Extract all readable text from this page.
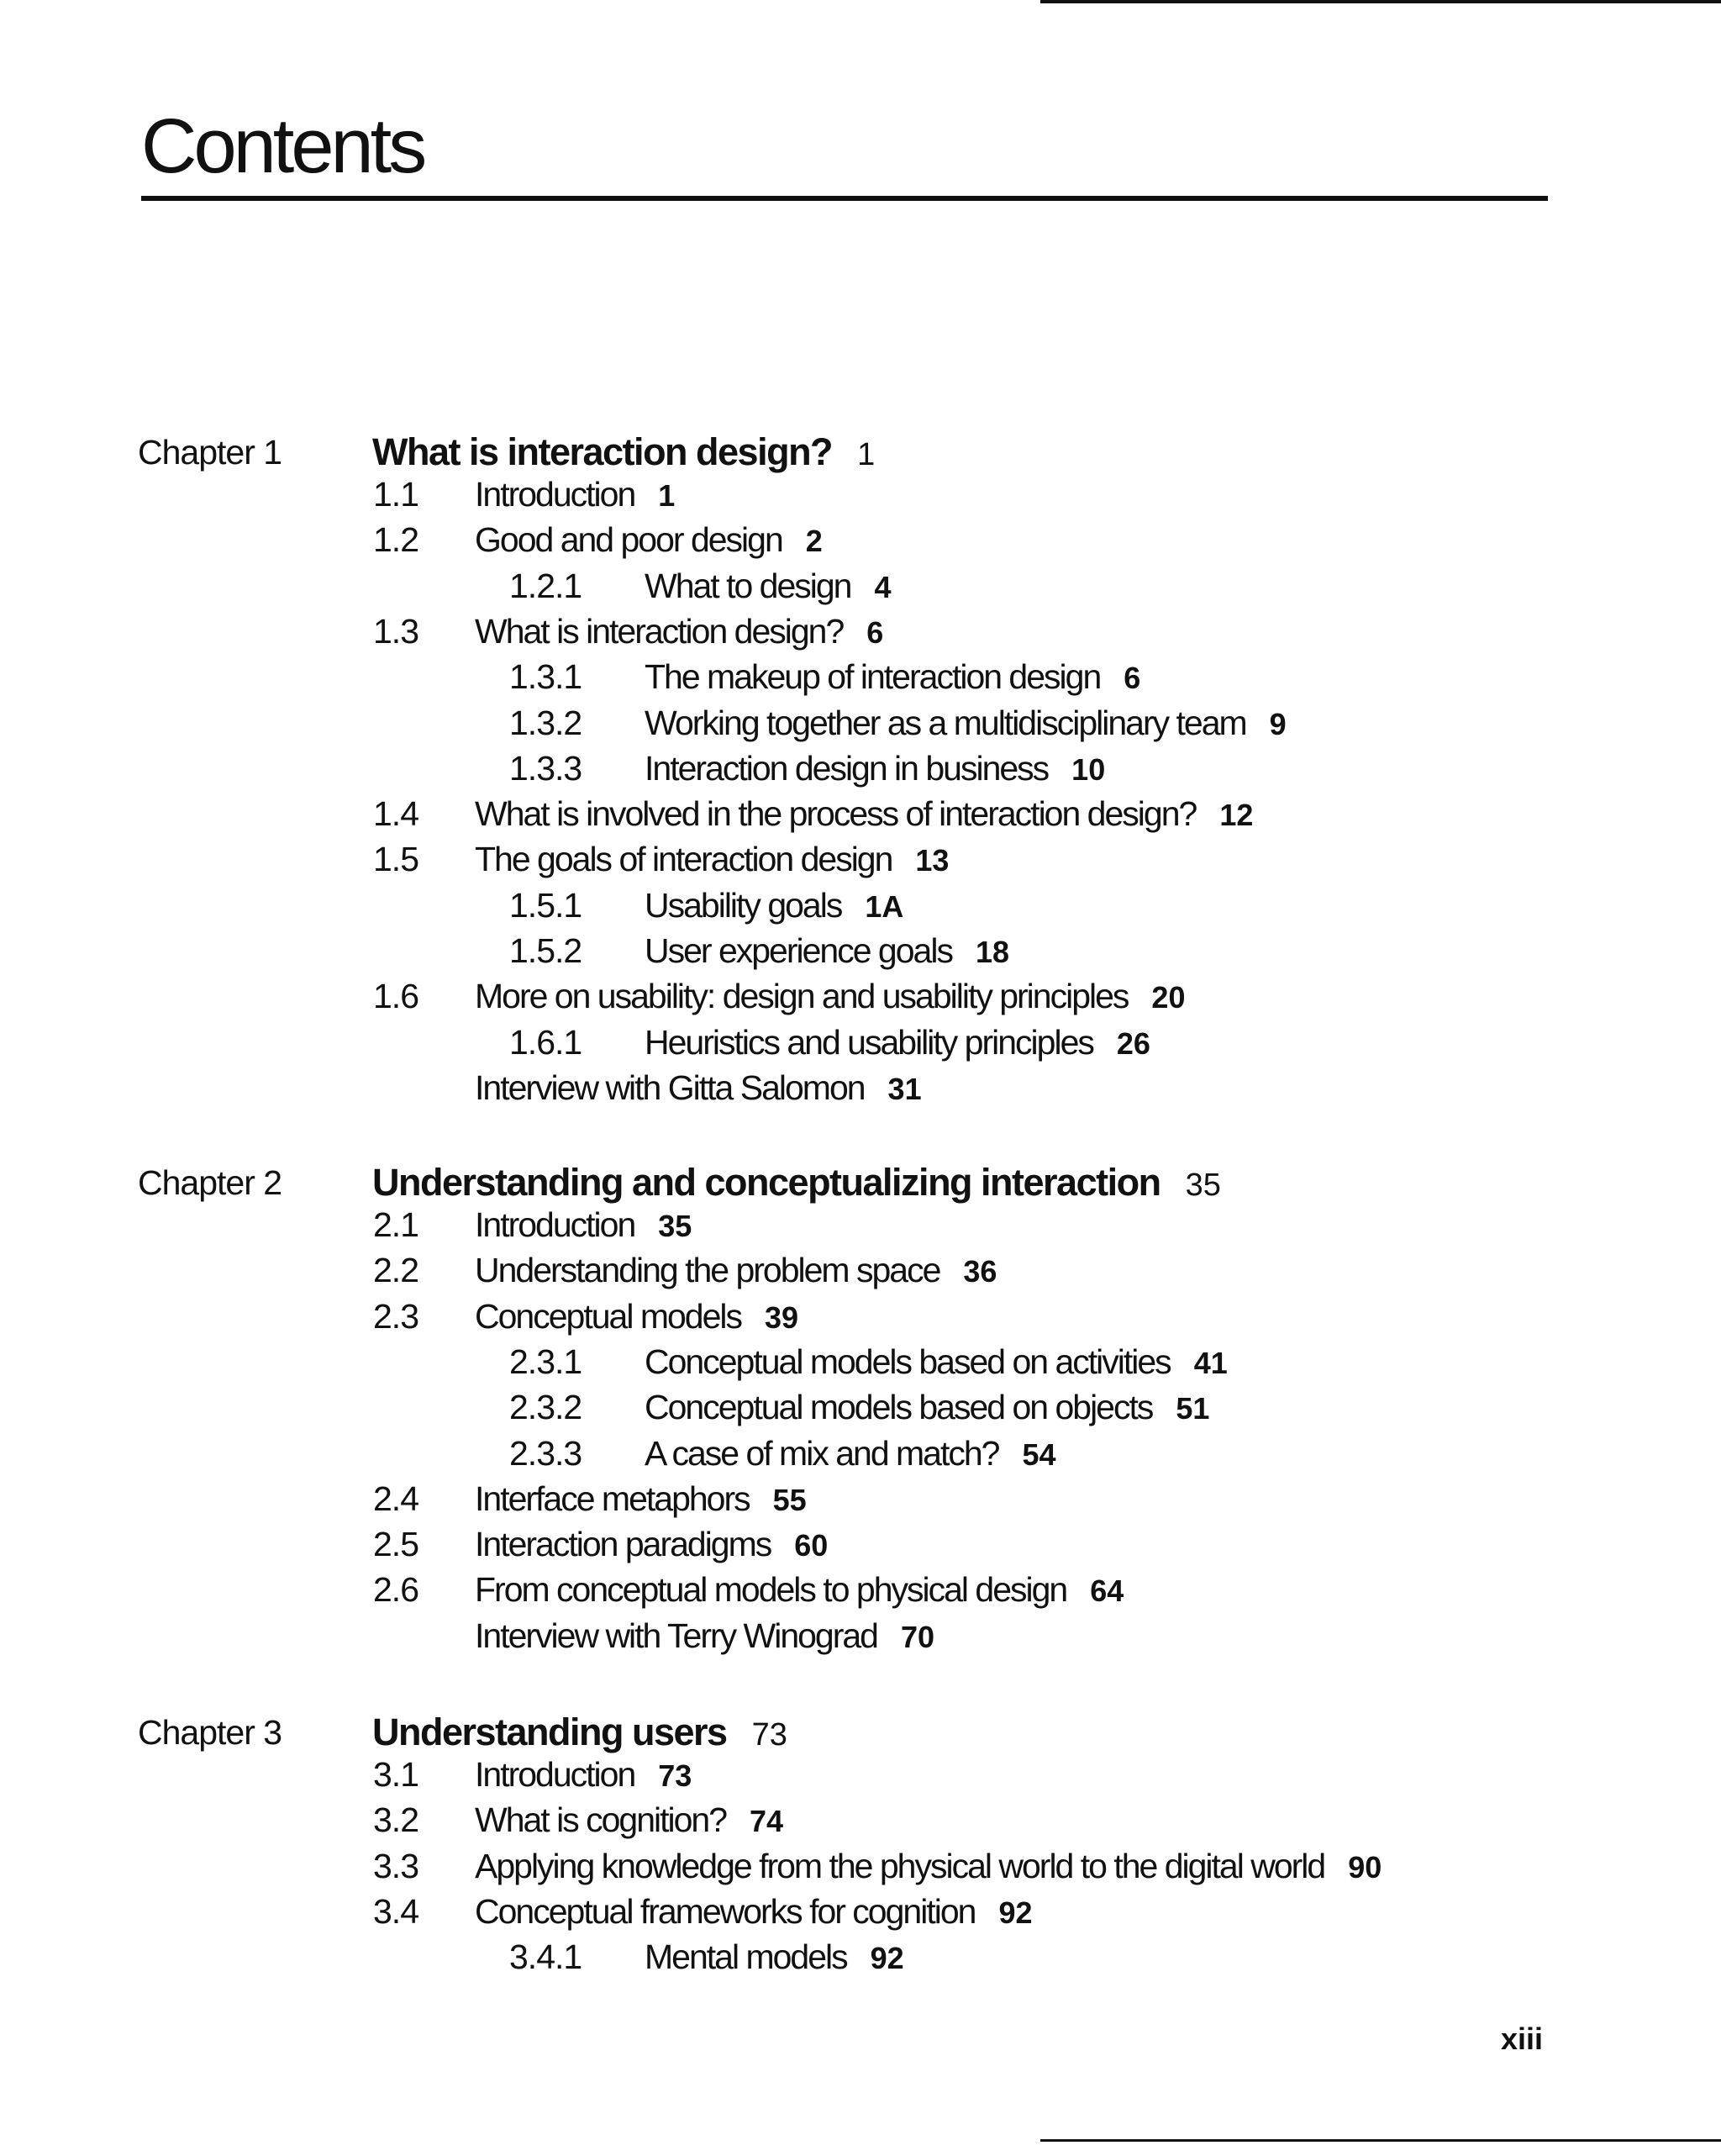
Contents
Chapter 1 What is interaction design? 1
1.1 Introduction 1
1.2 Good and poor design 2
1.2.1 What to design 4
1.3 What is interaction design? 6
1.3.1 The makeup of interaction design 6
1.3.2 Working together as a multidisciplinary team 9
1.3.3 Interaction design in business 10
1.4 What is involved in the process of interaction design? 12
1.5 The goals of interaction design 13
1.5.1 Usability goals 1A
1.5.2 User experience goals 18
1.6 More on usability: design and usability principles 20
1.6.1 Heuristics and usability principles 26
Interview with Gitta Salomon 31
Chapter 2 Understanding and conceptualizing interaction 35
2.1 Introduction 35
2.2 Understanding the problem space 36
2.3 Conceptual models 39
2.3.1 Conceptual models based on activities 41
2.3.2 Conceptual models based on objects 51
2.3.3 A case of mix and match? 54
2.4 Interface metaphors 55
2.5 Interaction paradigms 60
2.6 From conceptual models to physical design 64
Interview with Terry Winograd 70
Chapter 3 Understanding users 73
3.1 Introduction 73
3.2 What is cognition? 74
3.3 Applying knowledge from the physical world to the digital world 90
3.4 Conceptual frameworks for cognition 92
3.4.1 Mental models 92
xiii
